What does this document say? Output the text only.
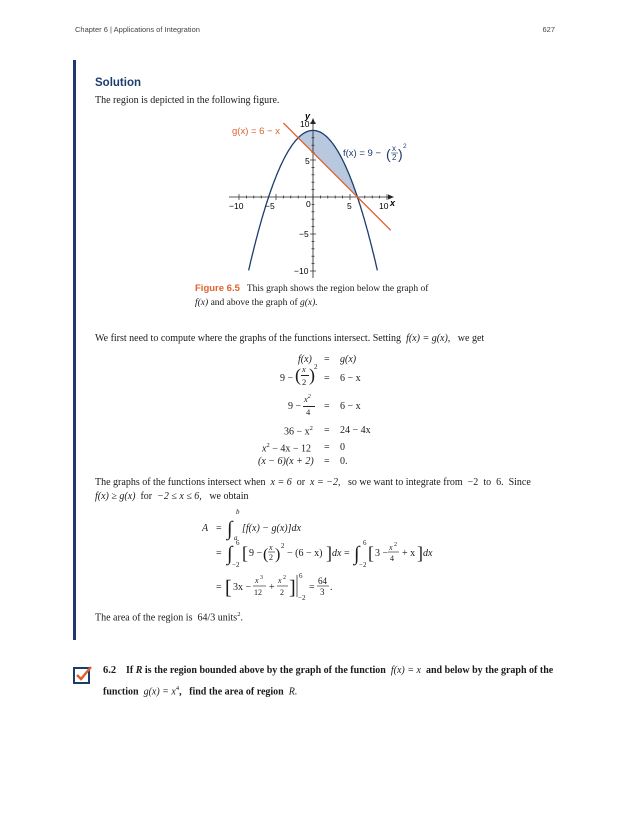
Chapter 6 | Applications of Integration	627
Solution
The region is depicted in the following figure.
−10	−5	0	5	10
10
5
−5
−10
y
x
g(x) = 6 − x
f(x) = 9 − ( x
2 ) 2
Figure 6.5 This graph shows the region below the graph of
f(x) and above the graph of g(x).
We first need to compute where the graphs of the functions intersect. Setting f(x) = g(x), we get
f(x) = g(x)
9 − ( x
2 ) 2
= 6 − x
9 −
$x^2$
4 = 6 − x
$36 - x^2 = 24 - 4x$
$x^2 - 4x - 12 = 0$
(x − 6)(x + 2) = 0.
The graphs of the functions intersect when x = 6 or x = −2, so we want to integrate from −2 to 6. Since
f(x) ≥ g(x) for −2 ≤ x ≤ 6, we obtain
A = ∫
b
a
[f(x) − g(x)]dx
= ∫ 6
−2
[ 9 − ( x
2 ) 2
− (6 − x) ] dx = ∫ 6
−2
[ 3 −
x 2
4 + x ] dx
= [ 3x −
x 3
12 +
x 2
2 ]
6
−2
=
64
3 .
The area of the region is 64/3 units$^2$.
6.2 If R is the region bounded above by the graph of the function f(x) = x and below by the graph of the
function $g(x) = x^4$, find the area of region R.
